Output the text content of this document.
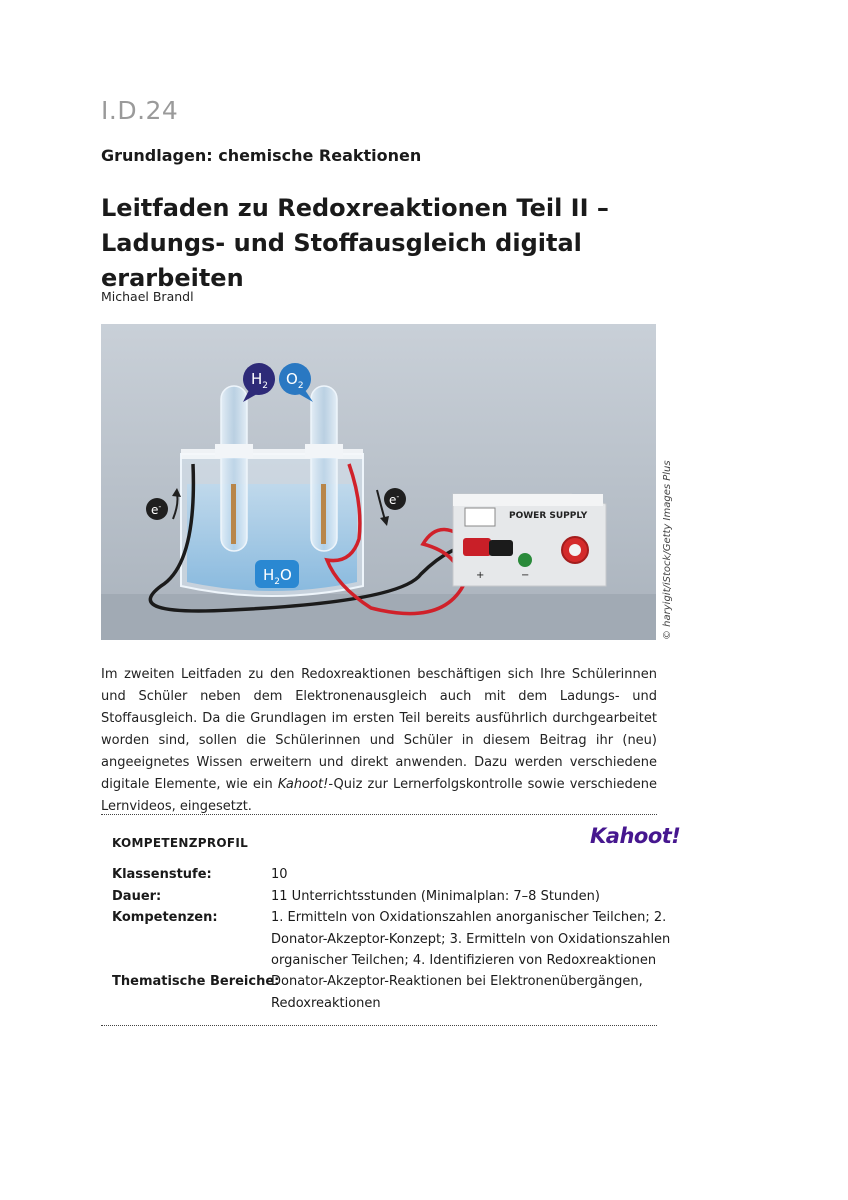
I.D.24
Grundlagen: chemische Reaktionen
Leitfaden zu Redoxreaktionen Teil II –
Ladungs- und Stoffausgleich digital erarbeiten
Michael Brandl
$H_2$ $O_2$
$H_2O$
e-	e-
POWER SUPPLY
+	−	© haryigit/iStock/Getty Images Plus

Im zweiten Leitfaden zu den Redoxreaktionen beschäftigen sich Ihre Schülerinnen und Schüler neben dem Elektronenausgleich auch mit dem Ladungs- und Stoffausgleich. Da die Grundlagen im ersten Teil bereits ausführlich durchgearbeitet worden sind, sollen die Schülerinnen und Schüler in diesem Beitrag ihr (neu) angeeignetes Wissen erweitern und direkt anwenden. Dazu werden verschiedene digitale Elemente, wie ein Kahoot!-Quiz zur Lernerfolgskontrolle sowie verschiedene Lernvideos, eingesetzt.

KOMPETENZPROFIL	Kahoot!
Klassenstufe:	10
Dauer:	11 Unterrichtsstunden (Minimalplan: 7–8 Stunden)
Kompetenzen:	1. Ermitteln von Oxidationszahlen anorganischer Teilchen; 2. Donator-Akzeptor-Konzept; 3. Ermitteln von Oxidationszahlen organischer Teilchen; 4. Identifizieren von Redoxreaktionen
Thematische Bereiche:
Donator-Akzeptor-Reaktionen bei Elektronenübergängen, Redoxreaktionen
